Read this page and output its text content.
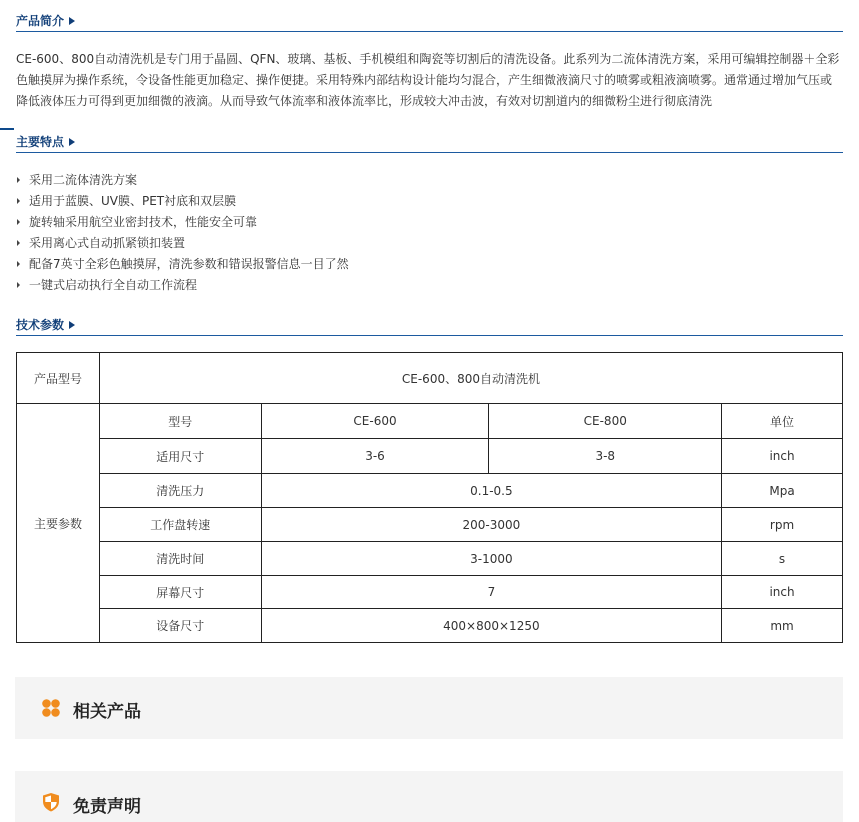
产品简介

CE-600、800自动清洗机是专门用于晶圆、QFN、玻璃、基板、手机模组和陶瓷等切割后的清洗设备。此系列为二流体清洗方案，采用可编辑控制器＋全彩色触摸屏为操作系统，令设备性能更加稳定、操作便捷。采用特殊内部结构设计能均匀混合，产生细微液滴尺寸的喷雾或粗液滴喷雾。通常通过增加气压或降低液体压力可得到更加细微的液滴。从而导致气体流率和液体流率比，形成较大冲击波，有效对切割道内的细微粉尘进行彻底清洗

主要特点
采用二流体清洗方案
适用于蓝膜、UV膜、PET衬底和双层膜
旋转轴采用航空业密封技术，性能安全可靠
采用离心式自动抓紧锁扣装置
配备7英寸全彩色触摸屏，清洗参数和错误报警信息一目了然
一键式启动执行全自动工作流程
技术参数
产品型号	CE-600、800自动清洗机			
主要参数	型号	CE-600	CE-800	单位
	适用尺寸	3-6	3-8	inch
	清洗压力	0.1-0.5		Mpa
	工作盘转速	200-3000		rpm
	清洗时间	3-1000		s
	屏幕尺寸	7		inch
	设备尺寸	400×800×1250		mm
相关产品
免责声明
